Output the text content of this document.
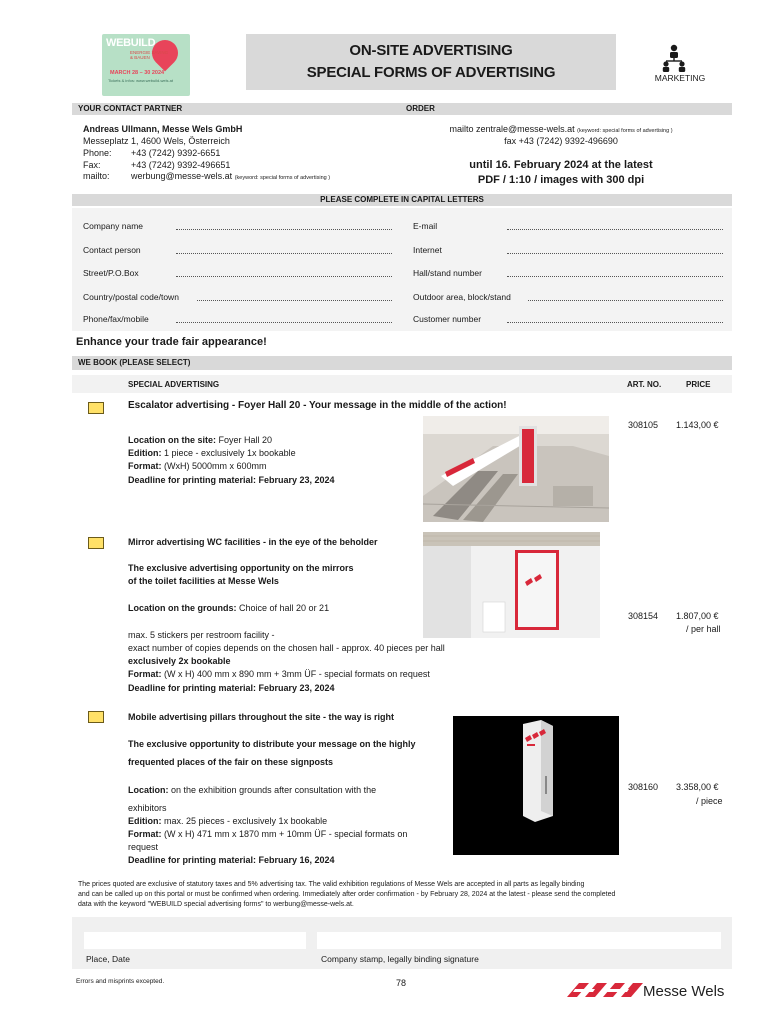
WEBUILD
ENERGIE SAVING & BAUEN
MARCH 28 – 30 2024
Tickets & infos: www.webuild-wels.at
ON-SITE ADVERTISING
SPECIAL FORMS OF ADVERTISING	MARKETING
YOUR CONTACT PARTNER	ORDER
Andreas Ullmann, Messe Wels GmbH
Messeplatz 1, 4600 Wels, Österreich
Phone: +43 (7242) 9392-6651
Fax:	+43 (7242) 9392-496651
mailto: werbung@messe-wels.at (keyword: special forms of advertising )
mailto zentrale@messe-wels.at (keyword: special forms of advertising )
fax +43 (7242) 9392-496690
until 16. February 2024 at the latest
PDF / 1:10 / images with 300 dpi
PLEASE COMPLETE IN CAPITAL LETTERS
Company name
Contact person
Street/P.O.Box
Country/postal code/town
Phone/fax/mobile
E-mail
Internet
Hall/stand number
Outdoor area, block/stand
Customer number
Enhance your trade fair appearance!
WE BOOK (PLEASE SELECT)
SPECIAL ADVERTISING	ART. NO.	PRICE
Escalator advertising - Foyer Hall 20 - Your message in the middle of the action!
308105 1.143,00 €
Location on the site: Foyer Hall 20
Edition: 1 piece - exclusively 1x bookable
Format: (WxH) 5000mm x 600mm
Deadline for printing material: February 23, 2024
Mirror advertising WC facilities - in the eye of the beholder
The exclusive advertising opportunity on the mirrors
of the toilet facilities at Messe Wels
Location on the grounds: Choice of hall 20 or 21
308154 1.807,00 €
/ per hall
max. 5 stickers per restroom facility -
exact number of copies depends on the chosen hall - approx. 40 pieces per hall
exclusively 2x bookable
Format: (W x H) 400 mm x 890 mm + 3mm ÜF - special formats on request
Deadline for printing material: February 23, 2024
Mobile advertising pillars throughout the site - the way is right
The exclusive opportunity to distribute your message on the highly
frequented places of the fair on these signposts
Location: on the exhibition grounds after consultation with the	308160 3.358,00 €
/ piece
exhibitors
Edition: max. 25 pieces - exclusively 1x bookable
Format: (W x H) 471 mm x 1870 mm + 10mm ÜF - special formats on
request
Deadline for printing material: February 16, 2024
The prices quoted are exclusive of statutory taxes and 5% advertising tax. The valid exhibition regulations of Messe Wels are accepted in all parts as legally binding
and can be called up on this portal or must be confirmed when ordering. Immediately after order confirmation - by February 28, 2024 at the latest - please send the completed
data with the keyword "WEBUILD special advertising forms" to werbung@messe-wels.at.
Place, Date	Company stamp, legally binding signature
Errors and misprints excepted.	78	Messe Wels
